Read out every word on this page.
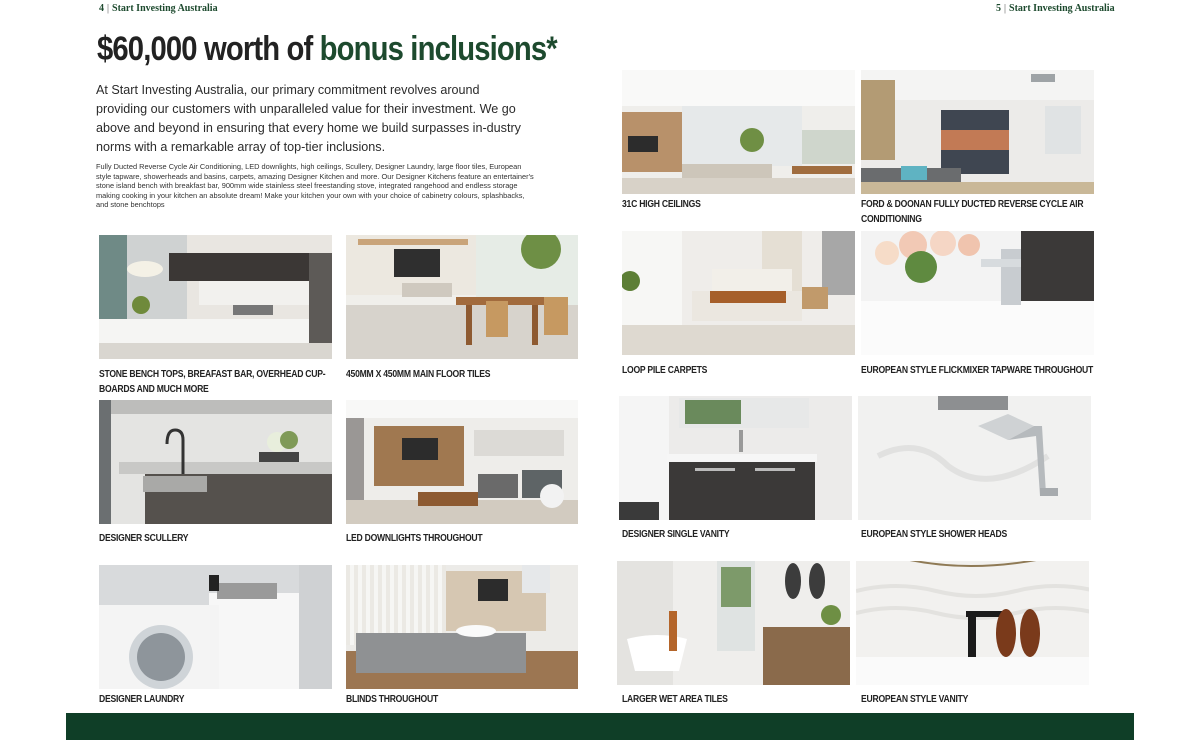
4 | Start Investing Australia	5 | Start Investing Australia
$60,000 worth of bonus inclusions*

At Start Investing Australia, our primary commitment revolves around providing our customers with unparalleled value for their investment. We go above and beyond in ensuring that every home we build surpasses in-dustry norms with a remarkable array of top-tier inclusions.

Fully Ducted Reverse Cycle Air Conditioning, LED downlights, high ceilings, Scullery, Designer Laundry, large floor tiles, European style tapware, showerheads and basins, carpets, amazing Designer Kitchen and more. Our Designer Kitchens feature an entertainer's stone island bench with breakfast bar, 900mm wide stainless steel freestanding stove, integrated rangehood and endless storage making cooking in your kitchen an absolute dream! Make your kitchen your own with your choice of cabinetry colours, splashbacks, and stone benchtops

STONE BENCH TOPS, BREAFAST BAR, OVERHEAD CUP-
BOARDS AND MUCH MORE
450MM X 450MM MAIN FLOOR TILES
DESIGNER SCULLERY	LED DOWNLIGHTS THROUGHOUT
DESIGNER LAUNDRY	BLINDS THROUGHOUT
31C HIGH CEILINGS	FORD & DOONAN FULLY DUCTED REVERSE CYCLE AIR
CONDITIONING
LOOP PILE CARPETS	EUROPEAN STYLE FLICKMIXER TAPWARE THROUGHOUT
DESIGNER SINGLE VANITY	EUROPEAN STYLE SHOWER HEADS
LARGER WET AREA TILES	EUROPEAN STYLE VANITY
